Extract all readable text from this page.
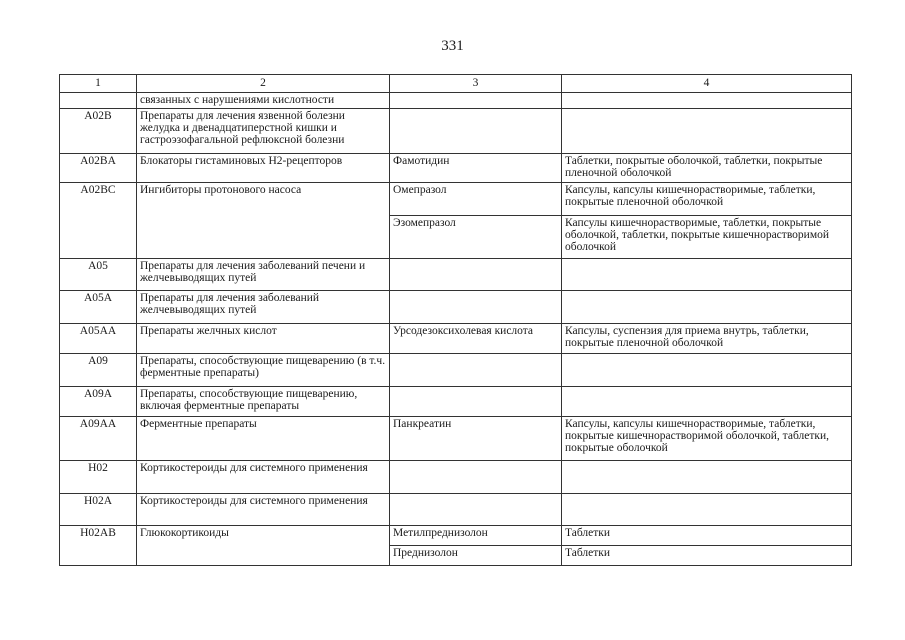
331
1	2	3	4
	связанных с нарушениями кислотности		
A02B	Препараты для лечения язвенной болезни желудка и двенадцатиперстной кишки и гастроэзофагальной рефлюксной болезни		
A02BA	Блокаторы гистаминовых Н2-рецепторов	Фамотидин	Таблетки, покрытые оболочкой, таблетки, покрытые пленочной оболочкой
A02BC	Ингибиторы протонового насоса	Омепразол	Капсулы, капсулы кишечнорастворимые, таблетки, покрытые пленочной оболочкой
		Эзомепразол	Капсулы кишечнорастворимые, таблетки, покрытые оболочкой, таблетки, покрытые кишечнорастворимой оболочкой
A05	Препараты для лечения заболеваний печени и желчевыводящих путей		
A05A	Препараты для лечения заболеваний желчевыводящих путей		
A05AA	Препараты желчных кислот	Урсодезоксихолевая кислота	Капсулы, суспензия для приема внутрь, таблетки, покрытые пленочной оболочкой
A09	Препараты, способствующие пищеварению (в т.ч. ферментные препараты)		
A09A	Препараты, способствующие пищеварению, включая ферментные препараты		
A09AA	Ферментные препараты	Панкреатин	Капсулы, капсулы кишечнорастворимые, таблетки, покрытые кишечнорастворимой оболочкой, таблетки, покрытые оболочкой
H02	Кортикостероиды для системного применения		
H02A	Кортикостероиды для системного применения		
H02AB	Глюкокортикоиды	Метилпреднизолон	Таблетки
		Преднизолон	Таблетки
